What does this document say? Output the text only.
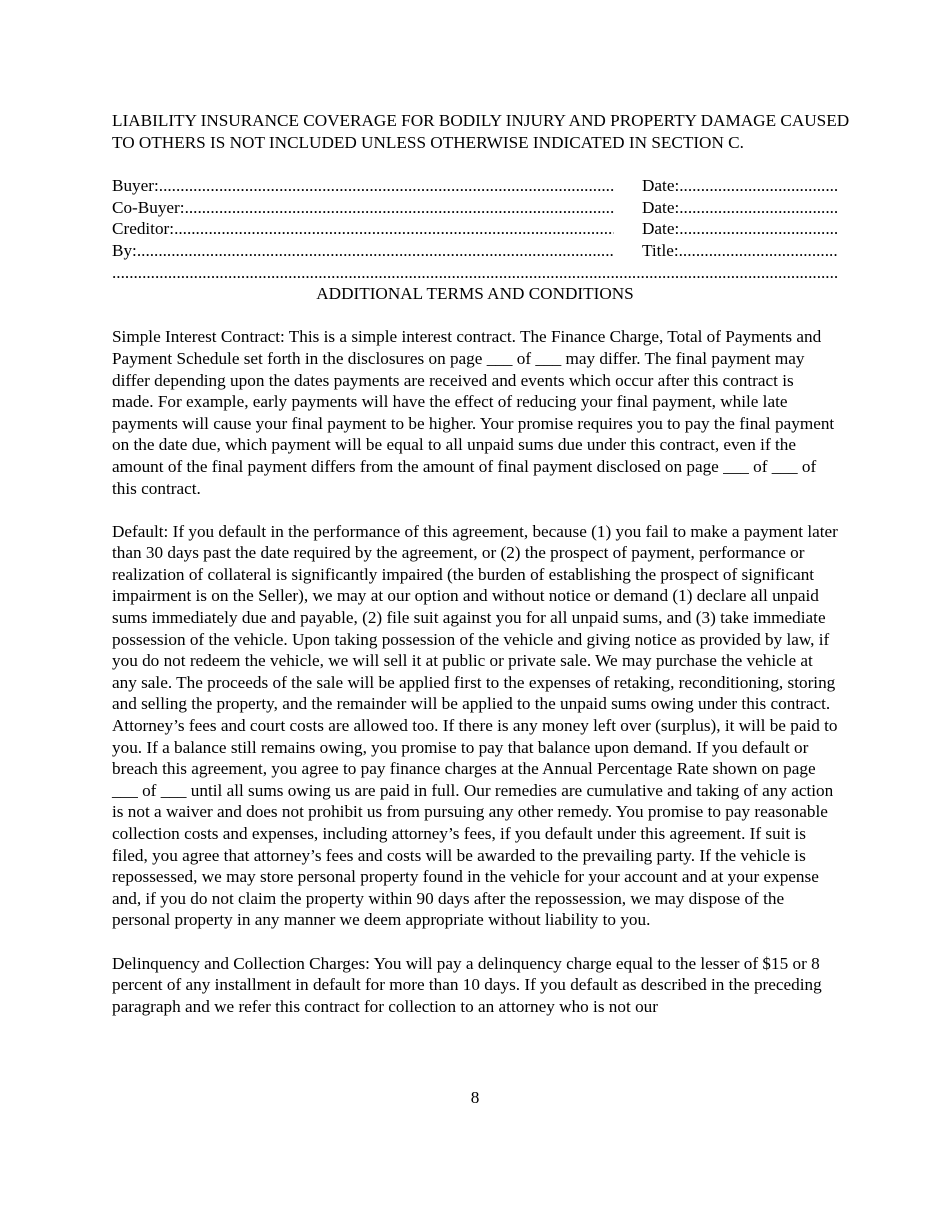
LIABILITY INSURANCE COVERAGE FOR BODILY INJURY AND PROPERTY DAMAGE CAUSED TO OTHERS IS NOT INCLUDED UNLESS OTHERWISE INDICATED IN SECTION C.

Buyer: .....	Date:
.....
Co-Buyer: .....	Date:
.....
Creditor: .....	Date:
.....
By: .....	Title:
.....
.....

ADDITIONAL TERMS AND CONDITIONS

Simple Interest Contract: This is a simple interest contract. The Finance Charge, Total of Payments and Payment Schedule set forth in the disclosures on page ___ of ___ may differ. The final payment may differ depending upon the dates payments are received and events which occur after this contract is made. For example, early payments will have the effect of reducing your final payment, while late payments will cause your final payment to be higher. Your promise requires you to pay the final payment on the date due, which payment will be equal to all unpaid sums due under this contract, even if the amount of the final payment differs from the amount of final payment disclosed on page ___ of ___ of this contract.

Default: If you default in the performance of this agreement, because (1) you fail to make a payment later than 30 days past the date required by the agreement, or (2) the prospect of payment, performance or realization of collateral is significantly impaired (the burden of establishing the prospect of significant impairment is on the Seller), we may at our option and without notice or demand (1) declare all unpaid sums immediately due and payable, (2) file suit against you for all unpaid sums, and (3) take immediate possession of the vehicle. Upon taking possession of the vehicle and giving notice as provided by law, if you do not redeem the vehicle, we will sell it at public or private sale. We may purchase the vehicle at any sale. The proceeds of the sale will be applied first to the expenses of retaking, reconditioning, storing and selling the property, and the remainder will be applied to the unpaid sums owing under this contract. Attorney’s fees and court costs are allowed too. If there is any money left over (surplus), it will be paid to you. If a balance still remains owing, you promise to pay that balance upon demand. If you default or breach this agreement, you agree to pay finance charges at the Annual Percentage Rate shown on page ___ of ___ until all sums owing us are paid in full. Our remedies are cumulative and taking of any action is not a waiver and does not prohibit us from pursuing any other remedy. You promise to pay reasonable collection costs and expenses, including attorney’s fees, if you default under this agreement. If suit is filed, you agree that attorney’s fees and costs will be awarded to the prevailing party. If the vehicle is repossessed, we may store personal property found in the vehicle for your account and at your expense and, if you do not claim the property within 90 days after the repossession, we may dispose of the personal property in any manner we deem appropriate without liability to you.

Delinquency and Collection Charges: You will pay a delinquency charge equal to the lesser of $15 or 8 percent of any installment in default for more than 10 days. If you default as described in the preceding paragraph and we refer this contract for collection to an attorney who is not our

8
